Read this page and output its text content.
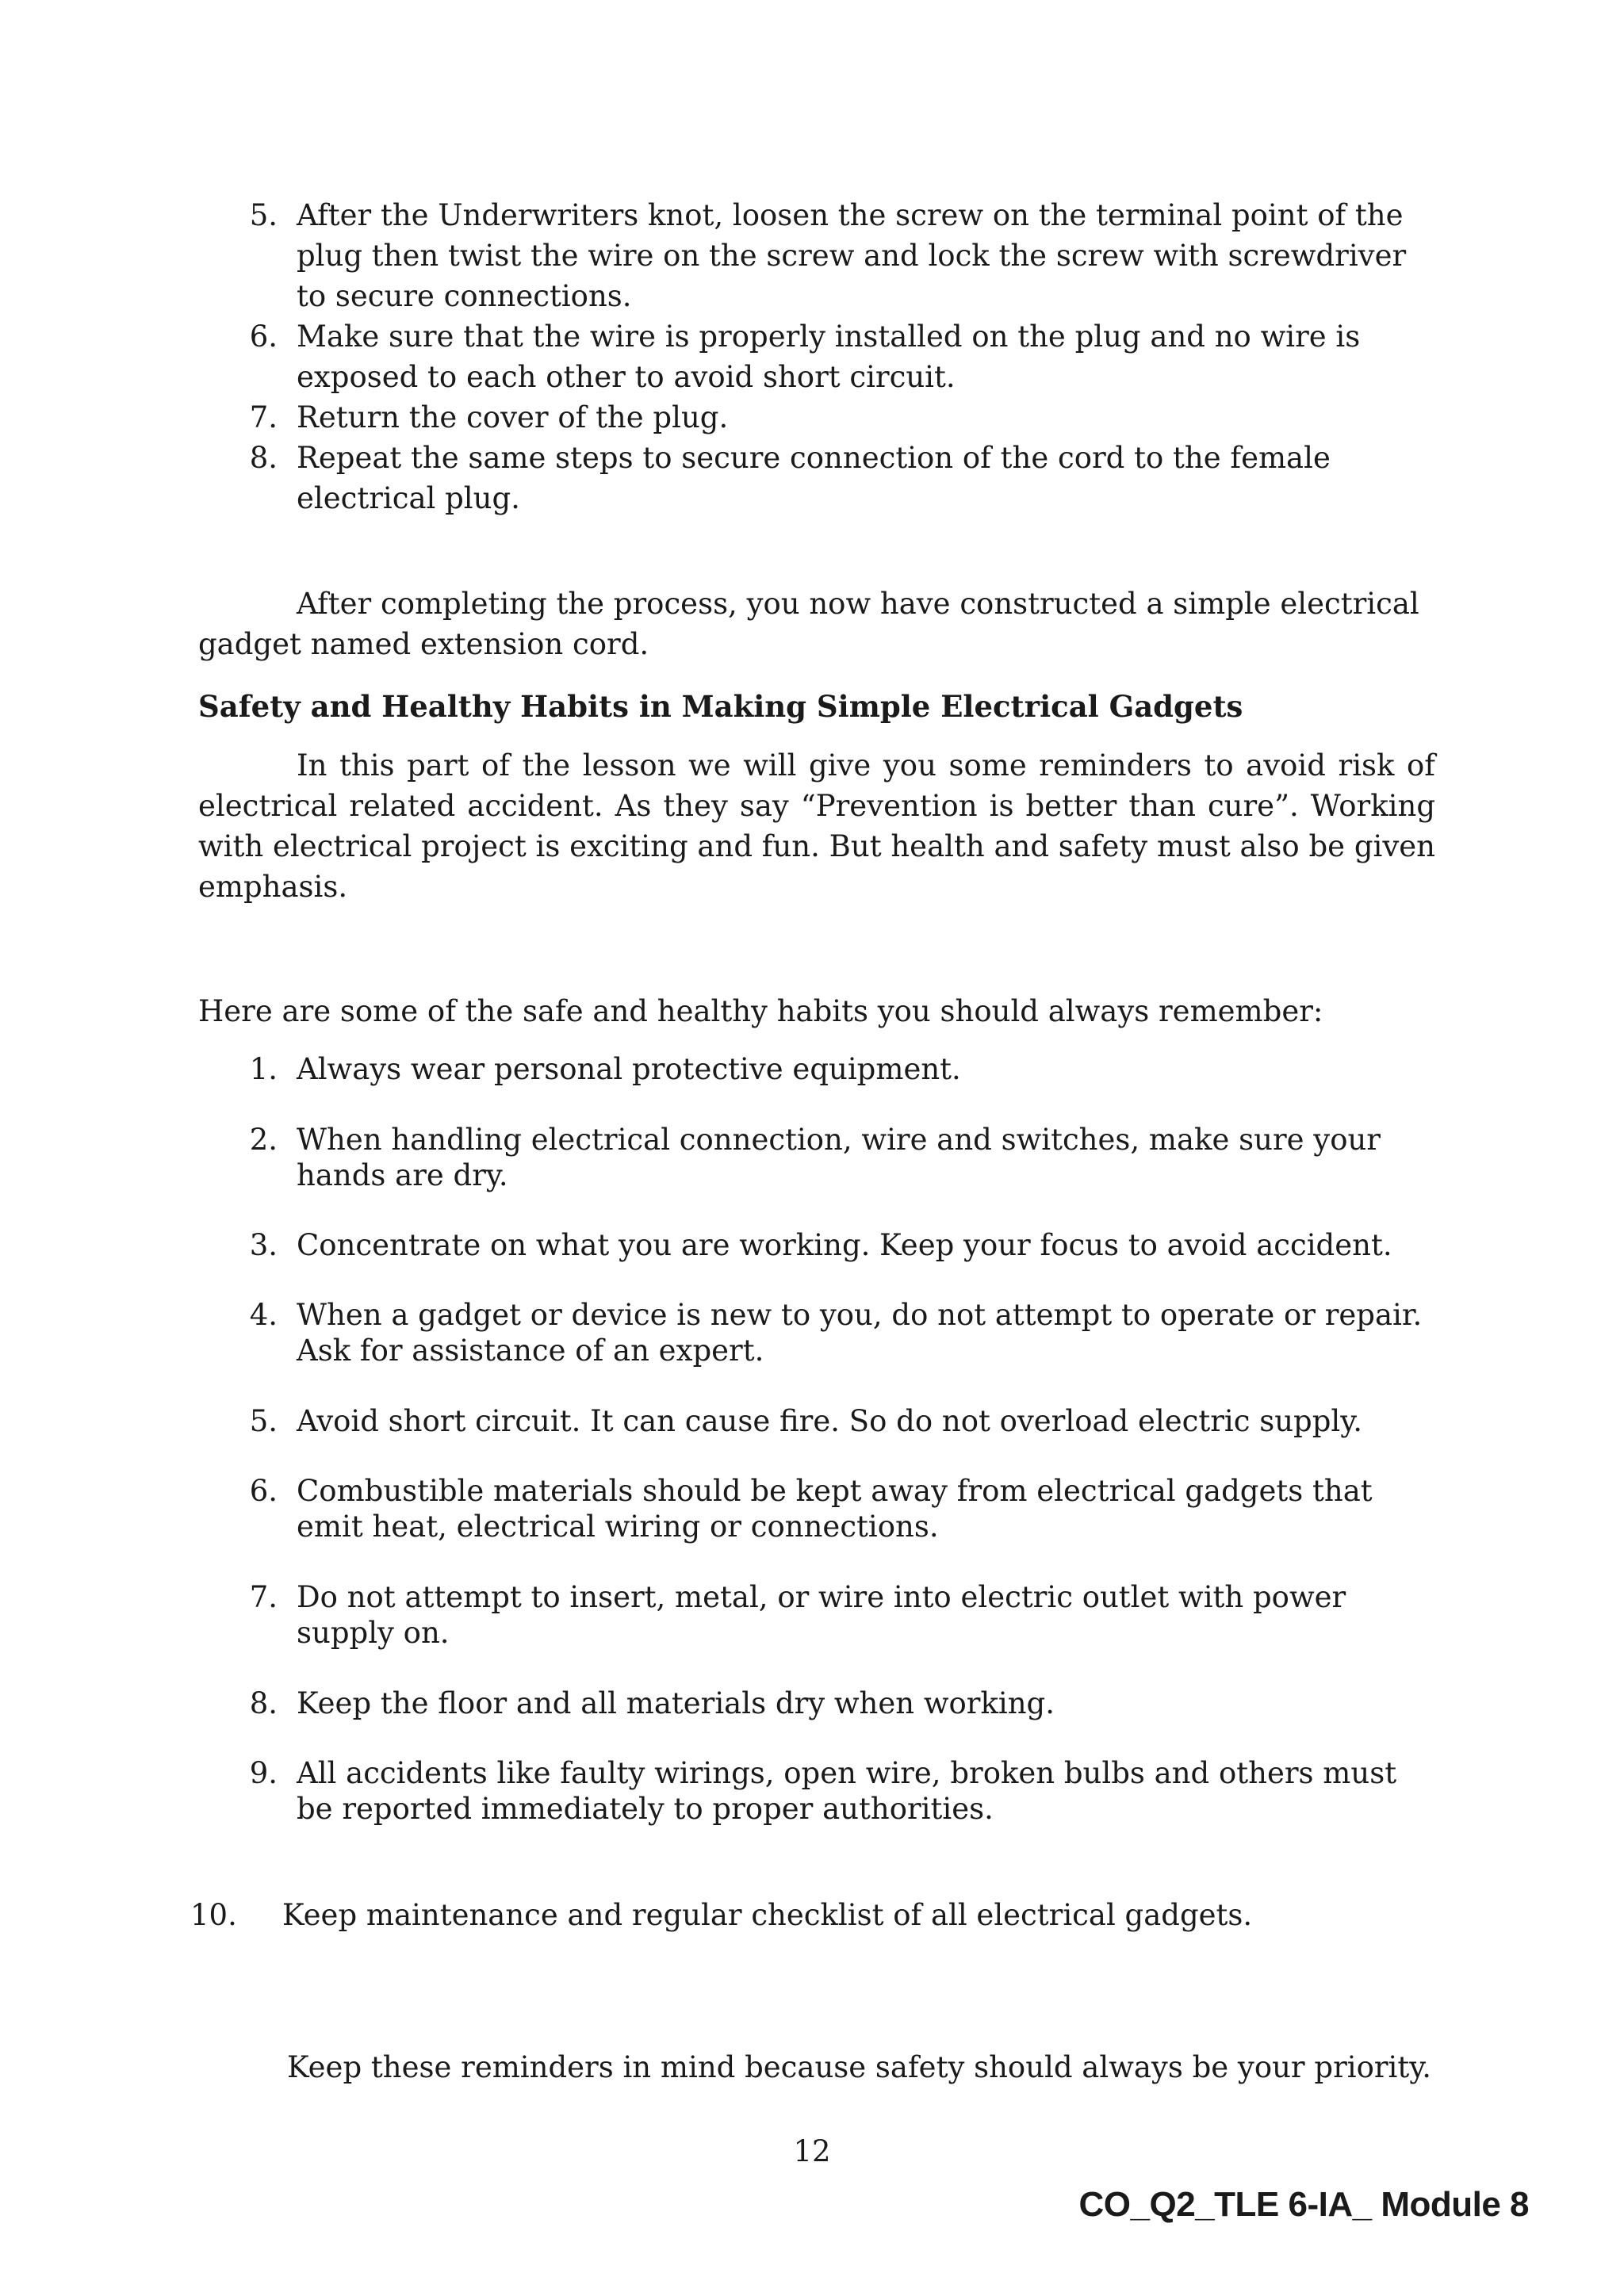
5. After the Underwriters knot, loosen the screw on the terminal point of the plug then twist the wire on the screw and lock the screw with screwdriver to secure connections.
6. Make sure that the wire is properly installed on the plug and no wire is exposed to each other to avoid short circuit.
7. Return the cover of the plug.
8. Repeat the same steps to secure connection of the cord to the female electrical plug.
After completing the process, you now have constructed a simple electrical gadget named extension cord.
Safety and Healthy Habits in Making Simple Electrical Gadgets
In this part of the lesson we will give you some reminders to avoid risk of electrical related accident. As they say “Prevention is better than cure”. Working with electrical project is exciting and fun. But health and safety must also be given emphasis.
Here are some of the safe and healthy habits you should always remember:
1. Always wear personal protective equipment.
2. When handling electrical connection, wire and switches, make sure your hands are dry.
3. Concentrate on what you are working. Keep your focus to avoid accident.
4. When a gadget or device is new to you, do not attempt to operate or repair. Ask for assistance of an expert.
5. Avoid short circuit. It can cause fire. So do not overload electric supply.
6. Combustible materials should be kept away from electrical gadgets that emit heat, electrical wiring or connections.
7. Do not attempt to insert, metal, or wire into electric outlet with power supply on.
8. Keep the floor and all materials dry when working.
9. All accidents like faulty wirings, open wire, broken bulbs and others must be reported immediately to proper authorities.
10.	Keep maintenance and regular checklist of all electrical gadgets.
Keep these reminders in mind because safety should always be your priority.
12
CO_Q2_TLE 6-IA_ Module 8
